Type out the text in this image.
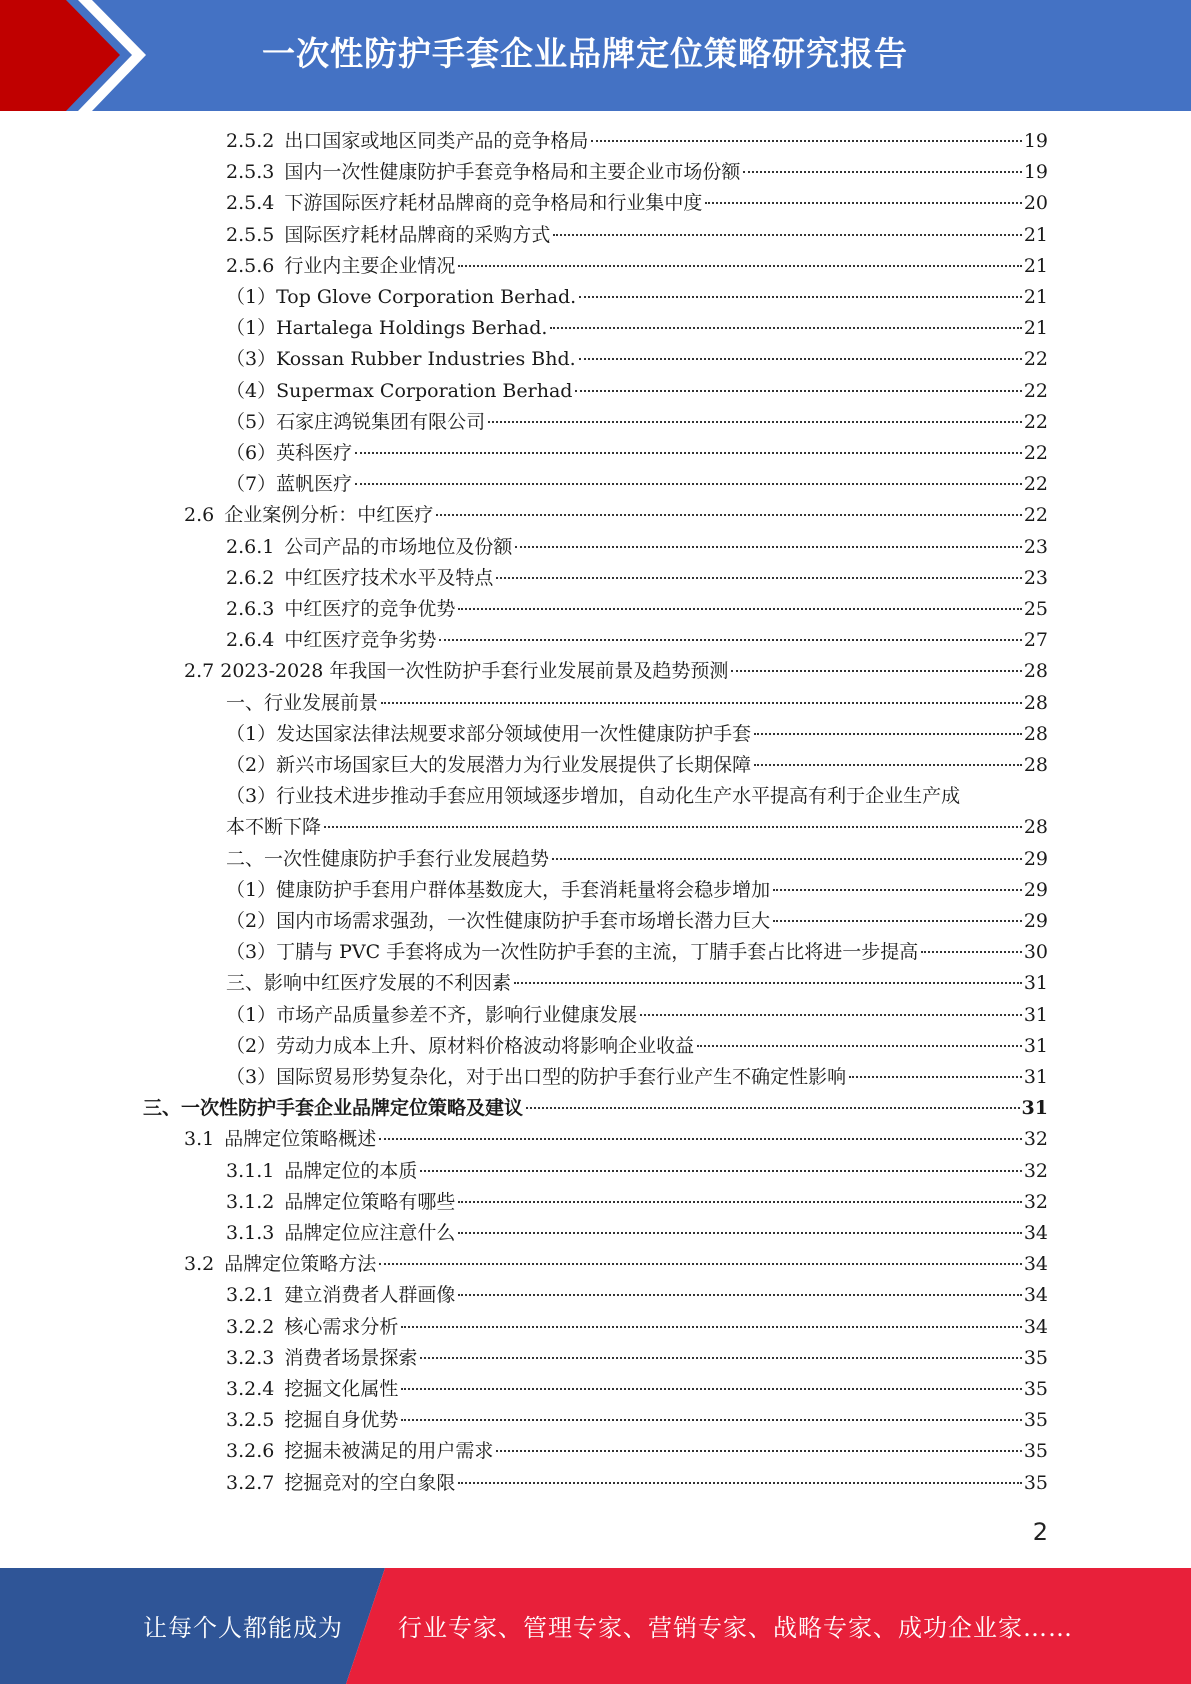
一次性防护手套企业品牌定位策略研究报告
2.5.2 出口国家或地区同类产品的竞争格局	19
2.5.3 国内一次性健康防护手套竞争格局和主要企业市场份额	19
2.5.4 下游国际医疗耗材品牌商的竞争格局和行业集中度	20
2.5.5 国际医疗耗材品牌商的采购方式	21
2.5.6 行业内主要企业情况	21
（1）Top Glove Corporation Berhad.	21
（1）Hartalega Holdings Berhad.	21
（3）Kossan Rubber Industries Bhd.	22
（4）Supermax Corporation Berhad	22
（5）石家庄鸿锐集团有限公司	22
（6）英科医疗	22
（7）蓝帆医疗	22
2.6 企业案例分析：中红医疗	22
2.6.1 公司产品的市场地位及份额	23
2.6.2 中红医疗技术水平及特点	23
2.6.3 中红医疗的竞争优势	25
2.6.4 中红医疗竞争劣势	27
2.7 2023-2028 年我国一次性防护手套行业发展前景及趋势预测	28
一、行业发展前景	28
（1）发达国家法律法规要求部分领域使用一次性健康防护手套	28
（2）新兴市场国家巨大的发展潜力为行业发展提供了长期保障	28
（3）行业技术进步推动手套应用领域逐步增加，自动化生产水平提高有利于企业生产成
本不断下降	28
二、一次性健康防护手套行业发展趋势	29
（1）健康防护手套用户群体基数庞大，手套消耗量将会稳步增加	29
（2）国内市场需求强劲，一次性健康防护手套市场增长潜力巨大	29
（3）丁腈与 PVC 手套将成为一次性防护手套的主流，丁腈手套占比将进一步提高	30
三、影响中红医疗发展的不利因素	31
（1）市场产品质量参差不齐，影响行业健康发展	31
（2）劳动力成本上升、原材料价格波动将影响企业收益	31
（3）国际贸易形势复杂化，对于出口型的防护手套行业产生不确定性影响	31
三、一次性防护手套企业品牌定位策略及建议	31
3.1 品牌定位策略概述	32
3.1.1 品牌定位的本质	32
3.1.2 品牌定位策略有哪些	32
3.1.3 品牌定位应注意什么	34
3.2 品牌定位策略方法	34
3.2.1 建立消费者人群画像	34
3.2.2 核心需求分析	34
3.2.3 消费者场景探索	35
3.2.4 挖掘文化属性	35
3.2.5 挖掘自身优势	35
3.2.6 挖掘未被满足的用户需求	35
3.2.7 挖掘竞对的空白象限	35
2
让每个人都能成为 行业专家、管理专家、营销专家、战略专家、成功企业家……
